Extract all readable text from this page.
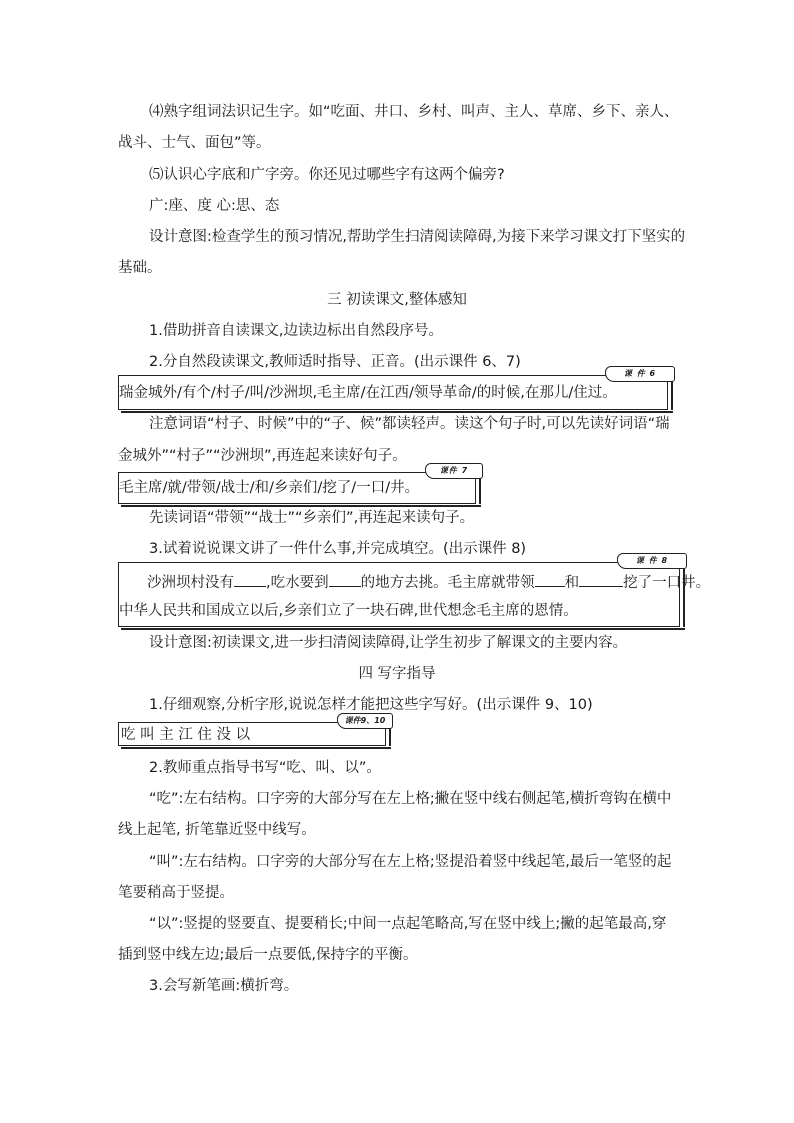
⑷熟字组词法识记生字。如“吃面、井口、乡村、叫声、主人、草席、乡下、亲人、
战斗、士气、面包”等。
⑸认识心字底和广字旁。你还见过哪些字有这两个偏旁?
广:座、度 心:思、态
设计意图:检查学生的预习情况,帮助学生扫清阅读障碍,为接下来学习课文打下坚实的
基础。
三 初读课文,整体感知
1.借助拼音自读课文,边读边标出自然段序号。
2.分自然段读课文,教师适时指导、正音。(出示课件 6、7)
课 件 6
瑞金城外/有个/村子/叫/沙洲坝,毛主席/在江西/领导革命/的时候,在那儿/住过。
注意词语“村子、时候”中的“子、候”都读轻声。读这个句子时,可以先读好词语“瑞
金城外”“村子”“沙洲坝”,再连起来读好句子。
课件 7
毛主席/就/带领/战士/和/乡亲们/挖了/一口/井。
先读词语“带领”“战士”“乡亲们”,再连起来读句子。
3.试着说说课文讲了一件什么事,并完成填空。(出示课件 8)
课 件 8
沙洲坝村没有 ,吃水要到 的地方去挑。毛主席就带领 和	挖了一口井。
中华人民共和国成立以后,乡亲们立了一块石碑,世代想念毛主席的恩情。
设计意图:初读课文,进一步扫清阅读障碍,让学生初步了解课文的主要内容。
四 写字指导
1.仔细观察,分析字形,说说怎样才能把这些字写好。(出示课件 9、10)
课件9、10
吃 叫 主 江 住 没 以
2.教师重点指导书写“吃、叫、以”。
“吃”:左右结构。口字旁的大部分写在左上格;撇在竖中线右侧起笔,横折弯钩在横中
线上起笔, 折笔靠近竖中线写。
“叫”:左右结构。口字旁的大部分写在左上格;竖提沿着竖中线起笔,最后一笔竖的起
笔要稍高于竖提。
“以”:竖提的竖要直、提要稍长;中间一点起笔略高,写在竖中线上;撇的起笔最高,穿
插到竖中线左边;最后一点要低,保持字的平衡。
3.会写新笔画:横折弯。
